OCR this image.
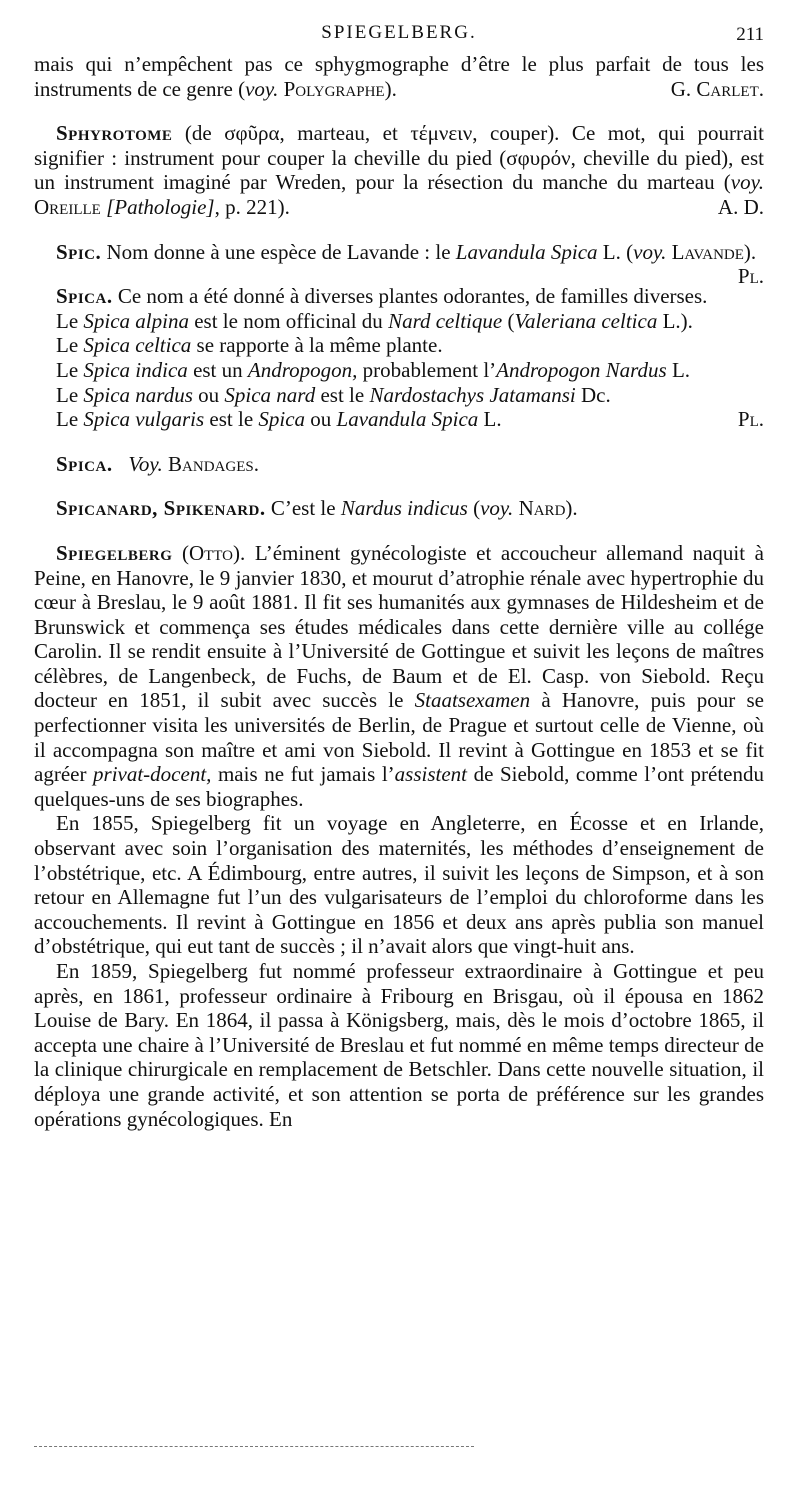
SPIEGELBERG.	211

mais qui n’empêchent pas ce sphygmographe d’être le plus parfait de tous les instruments de ce genre (voy. Polygraphe).	G. Carlet.

Sphyrotome (de σφῦρα, marteau, et τέμνειν, couper). Ce mot, qui pourrait signifier : instrument pour couper la cheville du pied (σφυρόν, cheville du pied), est un instrument imaginé par Wreden, pour la résection du manche du marteau (voy. Oreille [Pathologie], p. 221).	A. D.

Spic. Nom donne à une espèce de Lavande : le Lavandula Spica L. (voy. Lavande).
Pl.

Spica. Ce nom a été donné à diverses plantes odorantes, de familles diverses.

Le Spica alpina est le nom officinal du Nard celtique (Valeriana celtica L.).

Le Spica celtica se rapporte à la même plante.

Le Spica indica est un Andropogon, probablement l’Andropogon Nardus L.

Le Spica nardus ou Spica nard est le Nardostachys Jatamansi Dc.

Le Spica vulgaris est le Spica ou Lavandula Spica L.	Pl.

Spica. Voy. Bandages.

Spicanard, Spikenard. C’est le Nardus indicus (voy. Nard).

Spiegelberg (Otto). L’éminent gynécologiste et accoucheur allemand naquit à Peine, en Hanovre, le 9 janvier 1830, et mourut d’atrophie rénale avec hypertrophie du cœur à Breslau, le 9 août 1881. Il fit ses humanités aux gymnases de Hildesheim et de Brunswick et commença ses études médicales dans cette dernière ville au collége Carolin. Il se rendit ensuite à l’Université de Gottingue et suivit les leçons de maîtres célèbres, de Langenbeck, de Fuchs, de Baum et de El. Casp. von Siebold. Reçu docteur en 1851, il subit avec succès le Staatsexamen à Hanovre, puis pour se perfectionner visita les universités de Berlin, de Prague et surtout celle de Vienne, où il accompagna son maître et ami von Siebold. Il revint à Gottingue en 1853 et se fit agréer privat-docent, mais ne fut jamais l’assistent de Siebold, comme l’ont prétendu quelques-uns de ses biographes.

En 1855, Spiegelberg fit un voyage en Angleterre, en Écosse et en Irlande, observant avec soin l’organisation des maternités, les méthodes d’enseignement de l’obstétrique, etc. A Édimbourg, entre autres, il suivit les leçons de Simpson, et à son retour en Allemagne fut l’un des vulgarisateurs de l’emploi du chloroforme dans les accouchements. Il revint à Gottingue en 1856 et deux ans après publia son manuel d’obstétrique, qui eut tant de succès ; il n’avait alors que vingt-huit ans.

En 1859, Spiegelberg fut nommé professeur extraordinaire à Gottingue et peu après, en 1861, professeur ordinaire à Fribourg en Brisgau, où il épousa en 1862 Louise de Bary. En 1864, il passa à Königsberg, mais, dès le mois d’octobre 1865, il accepta une chaire à l’Université de Breslau et fut nommé en même temps directeur de la clinique chirurgicale en remplacement de Betschler. Dans cette nouvelle situation, il déploya une grande activité, et son attention se porta de préférence sur les grandes opérations gynécologiques. En
